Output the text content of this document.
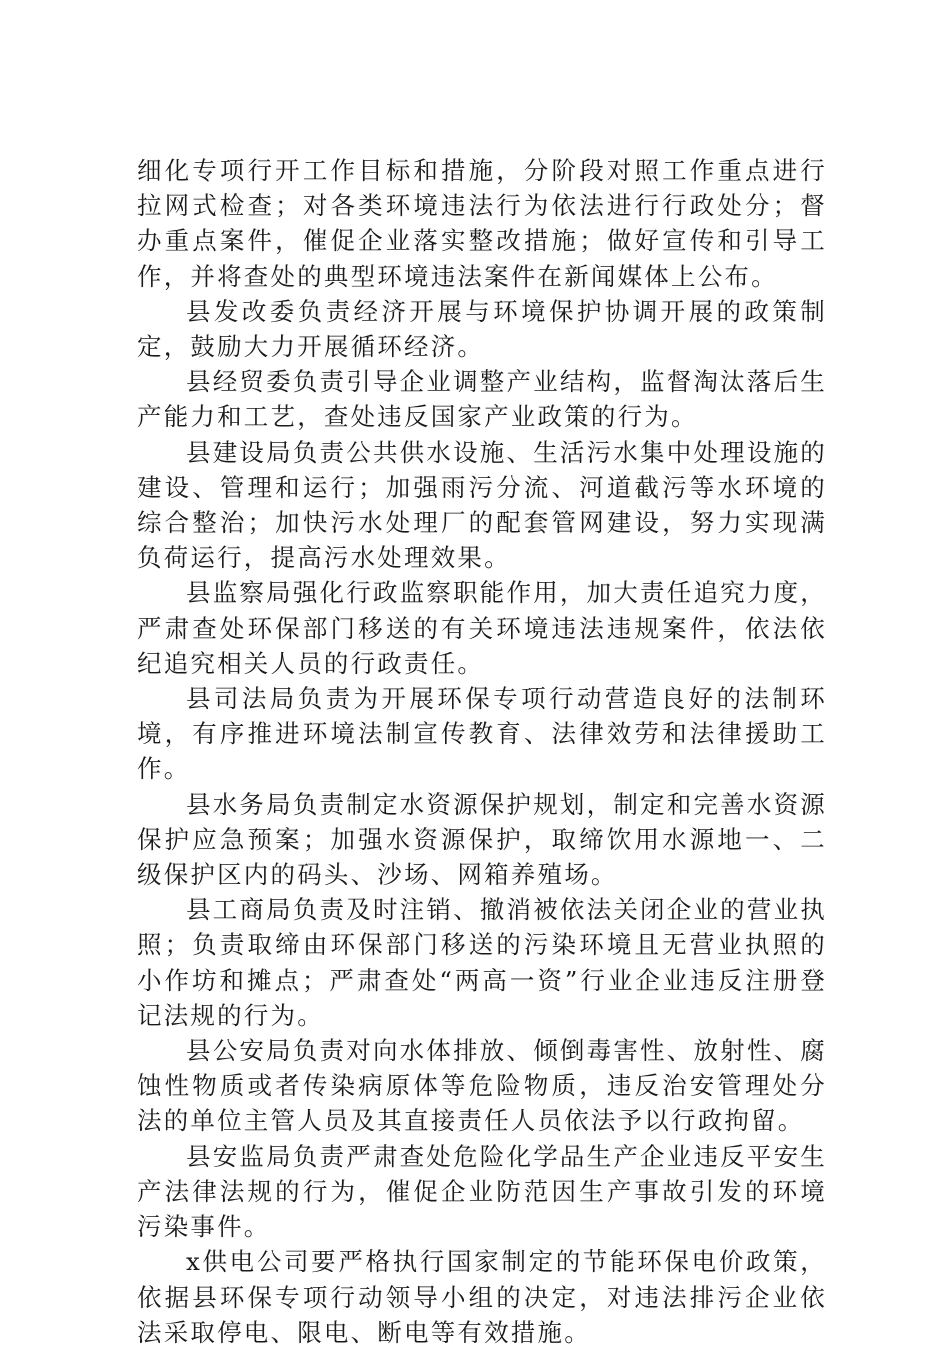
细化专项行开工作目标和措施，分阶段对照工作重点进行拉网式检查；对各类环境违法行为依法进行行政处分；督办重点案件，催促企业落实整改措施；做好宣传和引导工作，并将查处的典型环境违法案件在新闻媒体上公布。

县发改委负责经济开展与环境保护协调开展的政策制定，鼓励大力开展循环经济。

县经贸委负责引导企业调整产业结构，监督淘汰落后生产能力和工艺，查处违反国家产业政策的行为。

县建设局负责公共供水设施、生活污水集中处理设施的建设、管理和运行；加强雨污分流、河道截污等水环境的综合整治；加快污水处理厂的配套管网建设，努力实现满负荷运行，提高污水处理效果。

县监察局强化行政监察职能作用，加大责任追究力度，严肃查处环保部门移送的有关环境违法违规案件，依法依纪追究相关人员的行政责任。

县司法局负责为开展环保专项行动营造良好的法制环境，有序推进环境法制宣传教育、法律效劳和法律援助工作。

县水务局负责制定水资源保护规划，制定和完善水资源保护应急预案；加强水资源保护，取缔饮用水源地一、二级保护区内的码头、沙场、网箱养殖场。

县工商局负责及时注销、撤消被依法关闭企业的营业执照；负责取缔由环保部门移送的污染环境且无营业执照的小作坊和摊点；严肃查处“两高一资”行业企业违反注册登记法规的行为。

县公安局负责对向水体排放、倾倒毒害性、放射性、腐蚀性物质或者传染病原体等危险物质，违反治安管理处分法的单位主管人员及其直接责任人员依法予以行政拘留。

县安监局负责严肃查处危险化学品生产企业违反平安生产法律法规的行为，催促企业防范因生产事故引发的环境污染事件。

x供电公司要严格执行国家制定的节能环保电价政策，依据县环保专项行动领导小组的决定，对违法排污企业依法采取停电、限电、断电等有效措施。
